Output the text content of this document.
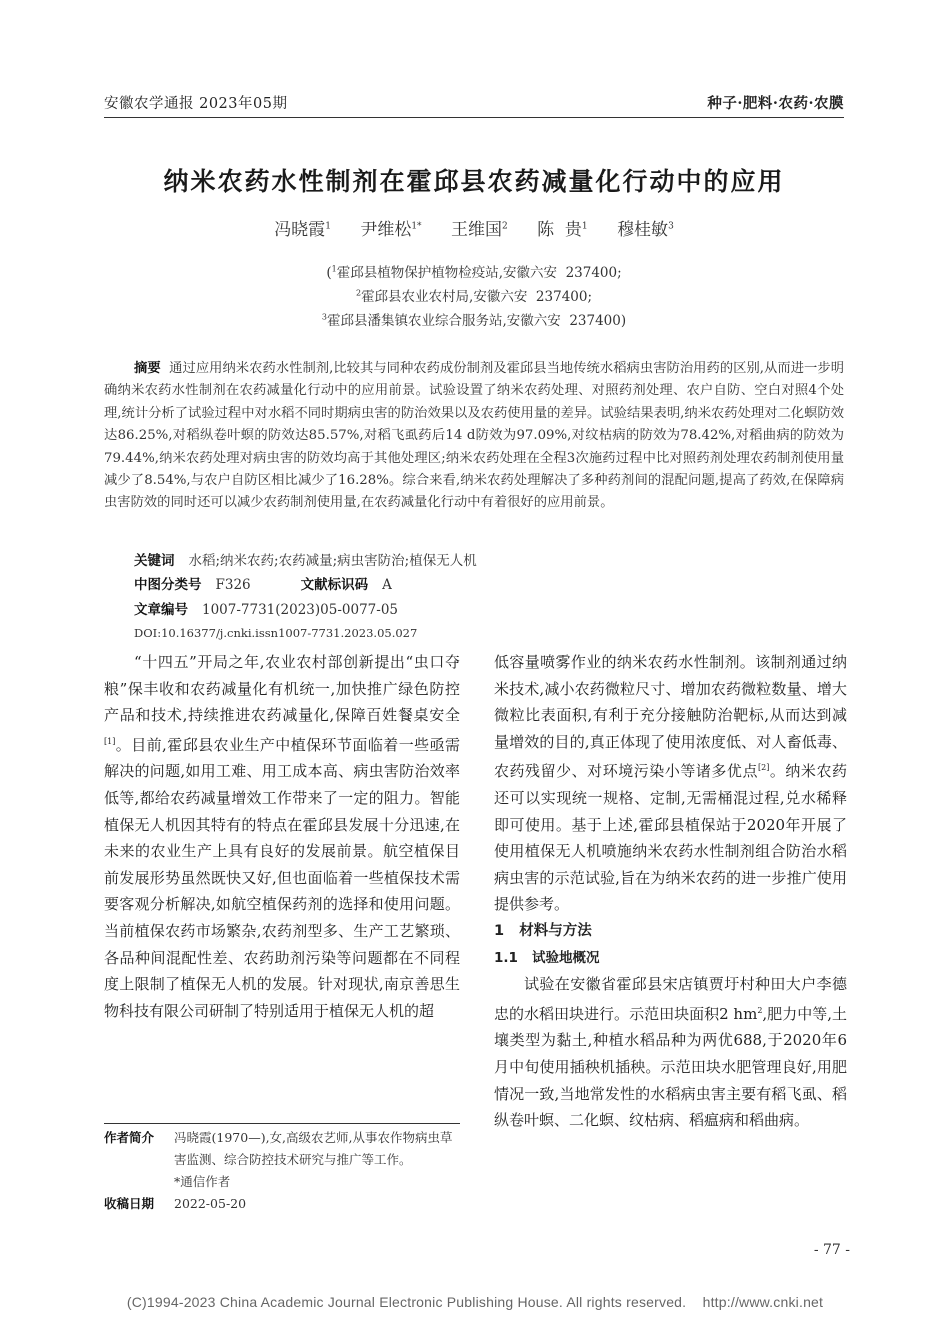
安徽农学通报 2023年05期	种子·肥料·农药·农膜
纳米农药水性制剂在霍邱县农药减量化行动中的应用
冯晓霞$^1$ 尹维松$^{1*}$ 王维国$^2$ 陈  贵$^1$ 穆桂敏$^3$
($^1$霍邱县植物保护植物检疫站,安徽六安  237400;
$^2$霍邱县农业农村局,安徽六安  237400;
$^3$霍邱县潘集镇农业综合服务站,安徽六安  237400)
摘要 通过应用纳米农药水性制剂,比较其与同种农药成份制剂及霍邱县当地传统水稻病虫害防治用药的区别,从而进一步明确纳米农药水性制剂在农药减量化行动中的应用前景。试验设置了纳米农药处理、对照药剂处理、农户自防、空白对照4个处理,统计分析了试验过程中对水稻不同时期病虫害的防治效果以及农药使用量的差异。试验结果表明,纳米农药处理对二化螟防效达86.25%,对稻纵卷叶螟的防效达85.57%,对稻飞虱药后14 d防效为97.09%,对纹枯病的防效为78.42%,对稻曲病的防效为79.44%,纳米农药处理对病虫害的防效均高于其他处理区;纳米农药处理在全程3次施药过程中比对照药剂处理农药制剂使用量减少了8.54%,与农户自防区相比减少了16.28%。综合来看,纳米农药处理解决了多种药剂间的混配问题,提高了药效,在保障病虫害防效的同时还可以减少农药制剂使用量,在农药减量化行动中有着很好的应用前景。
关键词 水稻;纳米农药;农药减量;病虫害防治;植保无人机
中图分类号 F326	文献标识码 A
文章编号 1007-7731(2023)05-0077-05
DOI:10.16377/j.cnki.issn1007-7731.2023.05.027

“十四五”开局之年,农业农村部创新提出“虫口夺粮”保丰收和农药减量化有机统一,加快推广绿色防控产品和技术,持续推进农药减量化,保障百姓餐桌安全[1]。目前,霍邱县农业生产中植保环节面临着一些亟需解决的问题,如用工难、用工成本高、病虫害防治效率低等,都给农药减量增效工作带来了一定的阻力。智能植保无人机因其特有的特点在霍邱县发展十分迅速,在未来的农业生产上具有良好的发展前景。航空植保目前发展形势虽然既快又好,但也面临着一些植保技术需要客观分析解决,如航空植保药剂的选择和使用问题。当前植保农药市场繁杂,农药剂型多、生产工艺繁琐、各品种间混配性差、农药助剂污染等问题都在不同程度上限制了植保无人机的发展。针对现状,南京善思生物科技有限公司研制了特别适用于植保无人机的超

低容量喷雾作业的纳米农药水性制剂。该制剂通过纳米技术,减小农药微粒尺寸、增加农药微粒数量、增大微粒比表面积,有利于充分接触防治靶标,从而达到减量增效的目的,真正体现了使用浓度低、对人畜低毒、农药残留少、对环境污染小等诸多优点[2]。纳米农药还可以实现统一规格、定制,无需桶混过程,兑水稀释即可使用。基于上述,霍邱县植保站于2020年开展了使用植保无人机喷施纳米农药水性制剂组合防治水稻病虫害的示范试验,旨在为纳米农药的进一步推广使用提供参考。

1   材料与方法
1.1   试验地概况

试验在安徽省霍邱县宋店镇贾圩村种田大户李德忠的水稻田块进行。示范田块面积2 $hm^2$,肥力中等,土壤类型为黏土,种植水稻品种为两优688,于2020年6月中旬使用插秧机插秧。示范田块水肥管理良好,用肥情况一致,当地常发性的水稻病虫害主要有稻飞虱、稻纵卷叶螟、二化螟、纹枯病、稻瘟病和稻曲病。

作者简介	冯晓霞(1970—),女,高级农艺师,从事农作物病虫草害监测、综合防控技术研究与推广等工作。
*通信作者
收稿日期	2022-05-20
- 77 -
(C)1994-2023 China Academic Journal Electronic Publishing House. All rights reserved.    http://www.cnki.net
